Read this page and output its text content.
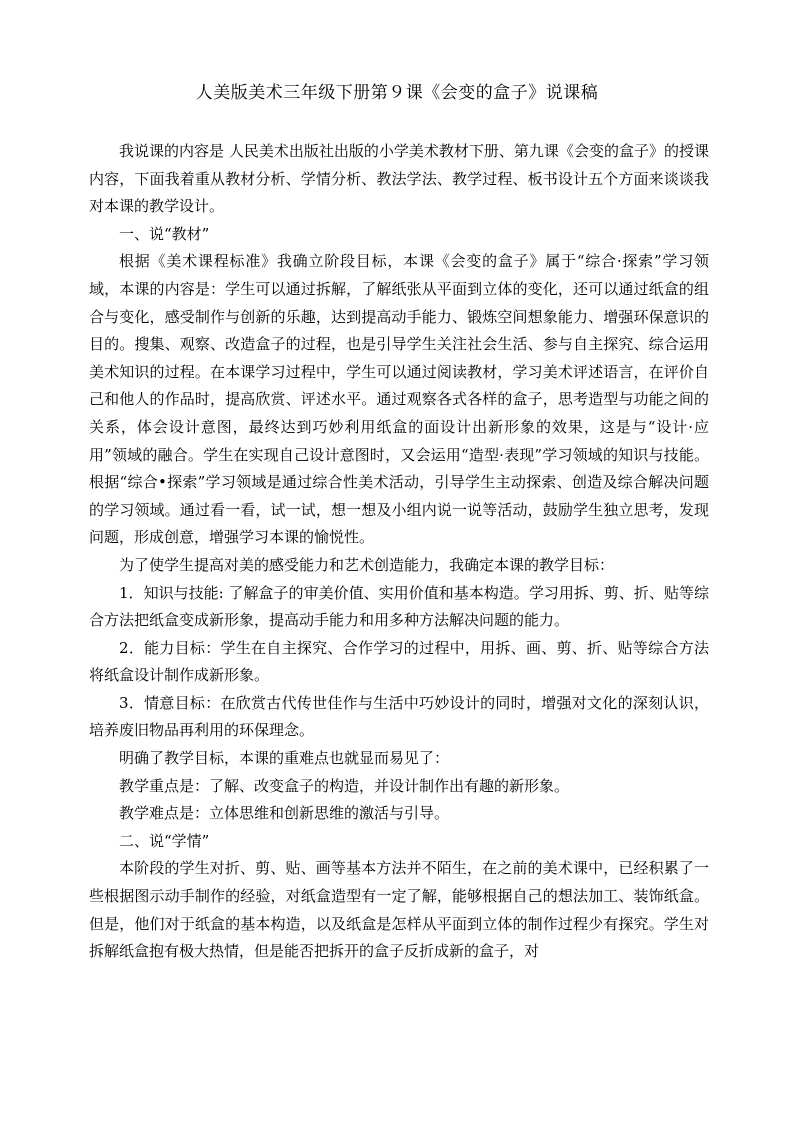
人美版美术三年级下册第９课《会变的盒子》说课稿

我说课的内容是 人民美术出版社出版的小学美术教材下册、第九课《会变的盒子》的授课内容，下面我着重从教材分析、学情分析、教法学法、教学过程、板书设计五个方面来谈谈我对本课的教学设计。

一、说“教材”

根据《美术课程标准》我确立阶段目标，本课《会变的盒子》属于“综合·探索”学习领域，本课的内容是：学生可以通过拆解，了解纸张从平面到立体的变化，还可以通过纸盒的组合与变化，感受制作与创新的乐趣，达到提高动手能力、锻炼空间想象能力、增强环保意识的目的。搜集、观察、改造盒子的过程，也是引导学生关注社会生活、参与自主探究、综合运用美术知识的过程。在本课学习过程中，学生可以通过阅读教材，学习美术评述语言，在评价自己和他人的作品时，提高欣赏、评述水平。通过观察各式各样的盒子，思考造型与功能之间的关系，体会设计意图，最终达到巧妙利用纸盒的面设计出新形象的效果，这是与“设计·应用”领域的融合。学生在实现自己设计意图时，又会运用“造型·表现”学习领域的知识与技能。根据“综合•探索”学习领域是通过综合性美术活动，引导学生主动探索、创造及综合解决问题的学习领域。通过看一看，试一试，想一想及小组内说一说等活动，鼓励学生独立思考，发现问题，形成创意，增强学习本课的愉悦性。

为了使学生提高对美的感受能力和艺术创造能力，我确定本课的教学目标：

1．知识与技能: 了解盒子的审美价值、实用价值和基本构造。学习用拆、剪、折、贴等综合方法把纸盒变成新形象，提高动手能力和用多种方法解决问题的能力。

2．能力目标：学生在自主探究、合作学习的过程中，用拆、画、剪、折、贴等综合方法将纸盒设计制作成新形象。

3．情意目标：在欣赏古代传世佳作与生活中巧妙设计的同时，增强对文化的深刻认识，培养废旧物品再利用的环保理念。

明确了教学目标，本课的重难点也就显而易见了：

教学重点是：了解、改变盒子的构造，并设计制作出有趣的新形象。

教学难点是：立体思维和创新思维的激活与引导。

二、说“学情”

本阶段的学生对折、剪、贴、画等基本方法并不陌生，在之前的美术课中，已经积累了一些根据图示动手制作的经验，对纸盒造型有一定了解，能够根据自己的想法加工、装饰纸盒。但是，他们对于纸盒的基本构造，以及纸盒是怎样从平面到立体的制作过程少有探究。学生对拆解纸盒抱有极大热情，但是能否把拆开的盒子反折成新的盒子，对
